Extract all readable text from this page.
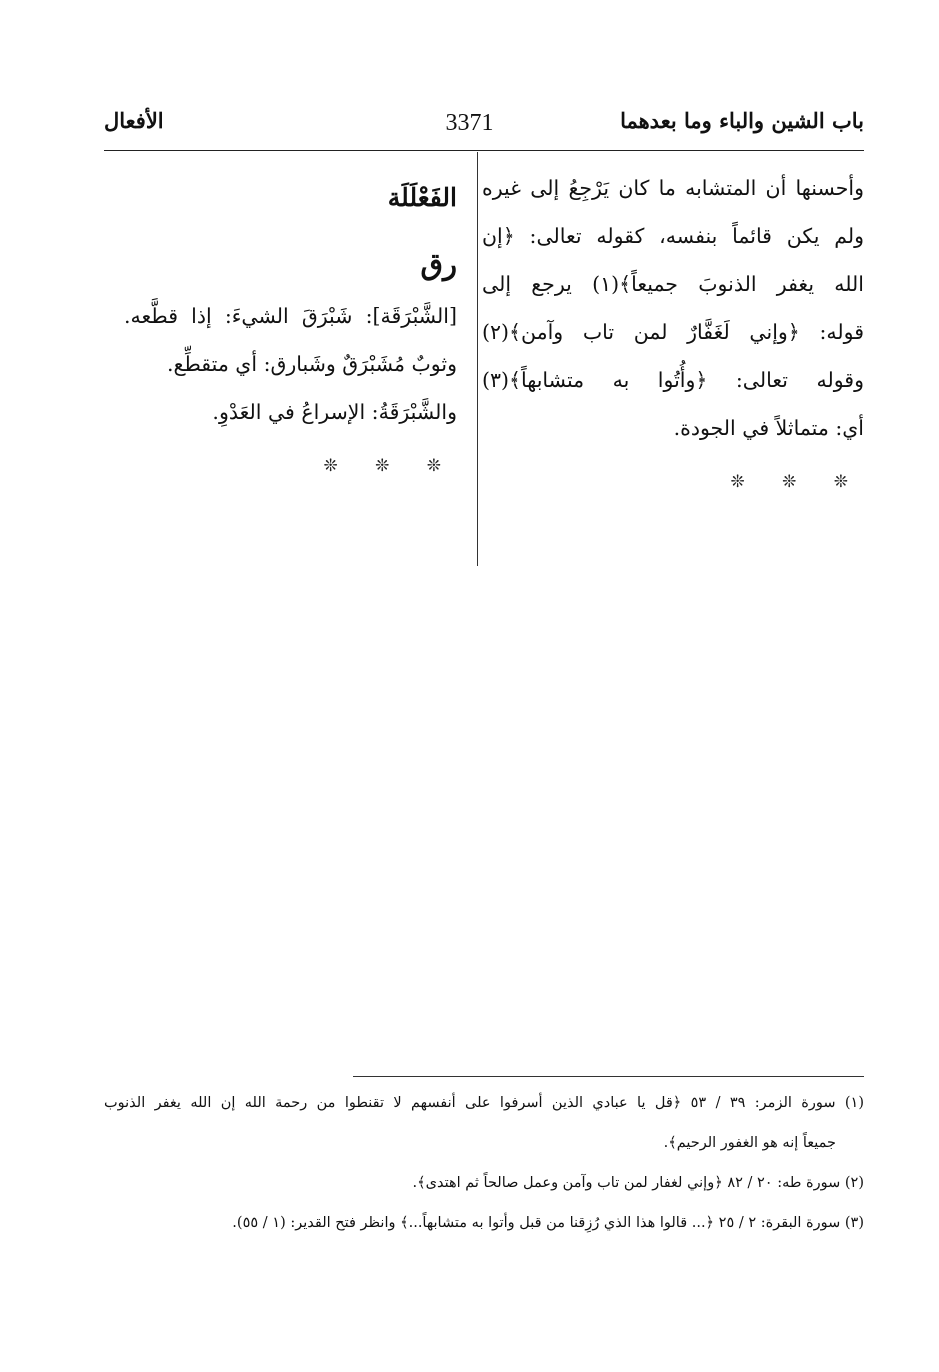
باب الشين والباء وما بعدهما
3371
الأفعال
وأحسنها أن المتشابه ما كان يَرْجِعُ إلى غيره
ولم يكن قائماً بنفسه، كقوله تعالى: ﴿إن
الله يغفر الذنوبَ جميعاً﴾(١) يرجع إلى
قوله: ﴿وإني لَغَفَّارٌ لمن تاب وآمن﴾(٢)
وقوله تعالى: ﴿وأُتُوا به متشابهاً﴾(٣)
أي: متماثلاً في الجودة.
❊ ❊ ❊
الفَعْلَلَة
رق
[الشَّبْرَقَة]: شَبْرَقَ الشيءَ: إذا قطَّعه.
وثوبٌ مُشَبْرَقٌ وشَبارق: أي متقطِّع.
والشَّبْرَقَةُ: الإسراعُ في العَدْوِ.
❊ ❊ ❊
(١) سورة الزمر: ٣٩ / ٥٣ ﴿قل يا عبادي الذين أسرفوا على أنفسهم لا تقنطوا من رحمة الله إن الله يغفر الذنوب
جميعاً إنه هو الغفور الرحيم﴾.
(٢) سورة طه: ٢٠ / ٨٢ ﴿وإني لغفار لمن تاب وآمن وعمل صالحاً ثم اهتدى﴾.
(٣) سورة البقرة: ٢ / ٢٥ ﴿... قالوا هذا الذي رُزِقنا من قبل وأتوا به متشابهاً...﴾ وانظر فتح القدير: (١ / ٥٥).
